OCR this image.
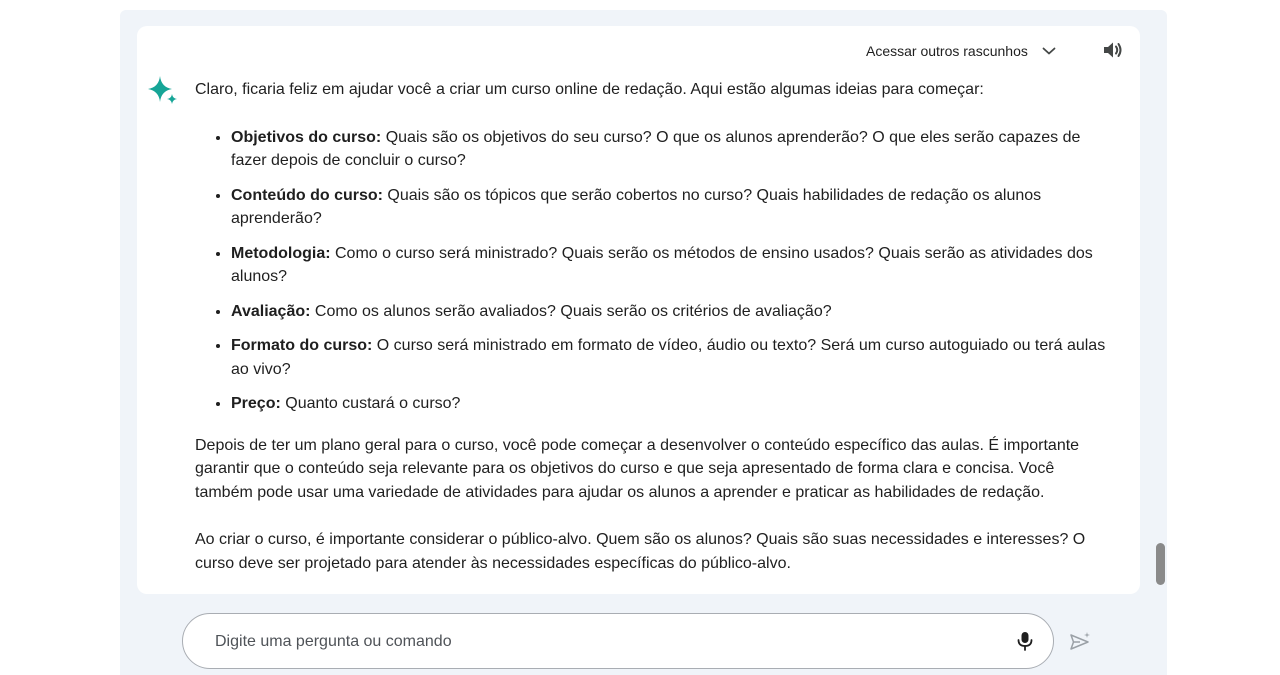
Acessar outros rascunhos

Claro, ficaria feliz em ajudar você a criar um curso online de redação. Aqui estão algumas ideias para começar:

• Objetivos do curso: Quais são os objetivos do seu curso? O que os alunos aprenderão? O que eles serão capazes de fazer depois de concluir o curso?
• Conteúdo do curso: Quais são os tópicos que serão cobertos no curso? Quais habilidades de redação os alunos aprenderão?
• Metodologia: Como o curso será ministrado? Quais serão os métodos de ensino usados? Quais serão as atividades dos alunos?
• Avaliação: Como os alunos serão avaliados? Quais serão os critérios de avaliação?
• Formato do curso: O curso será ministrado em formato de vídeo, áudio ou texto? Será um curso autoguiado ou terá aulas ao vivo?
• Preço: Quanto custará o curso?

Depois de ter um plano geral para o curso, você pode começar a desenvolver o conteúdo específico das aulas. É importante garantir que o conteúdo seja relevante para os objetivos do curso e que seja apresentado de forma clara e concisa. Você também pode usar uma variedade de atividades para ajudar os alunos a aprender e praticar as habilidades de redação.

Ao criar o curso, é importante considerar o público-alvo. Quem são os alunos? Quais são suas necessidades e interesses? O curso deve ser projetado para atender às necessidades específicas do público-alvo.

Digite uma pergunta ou comando
